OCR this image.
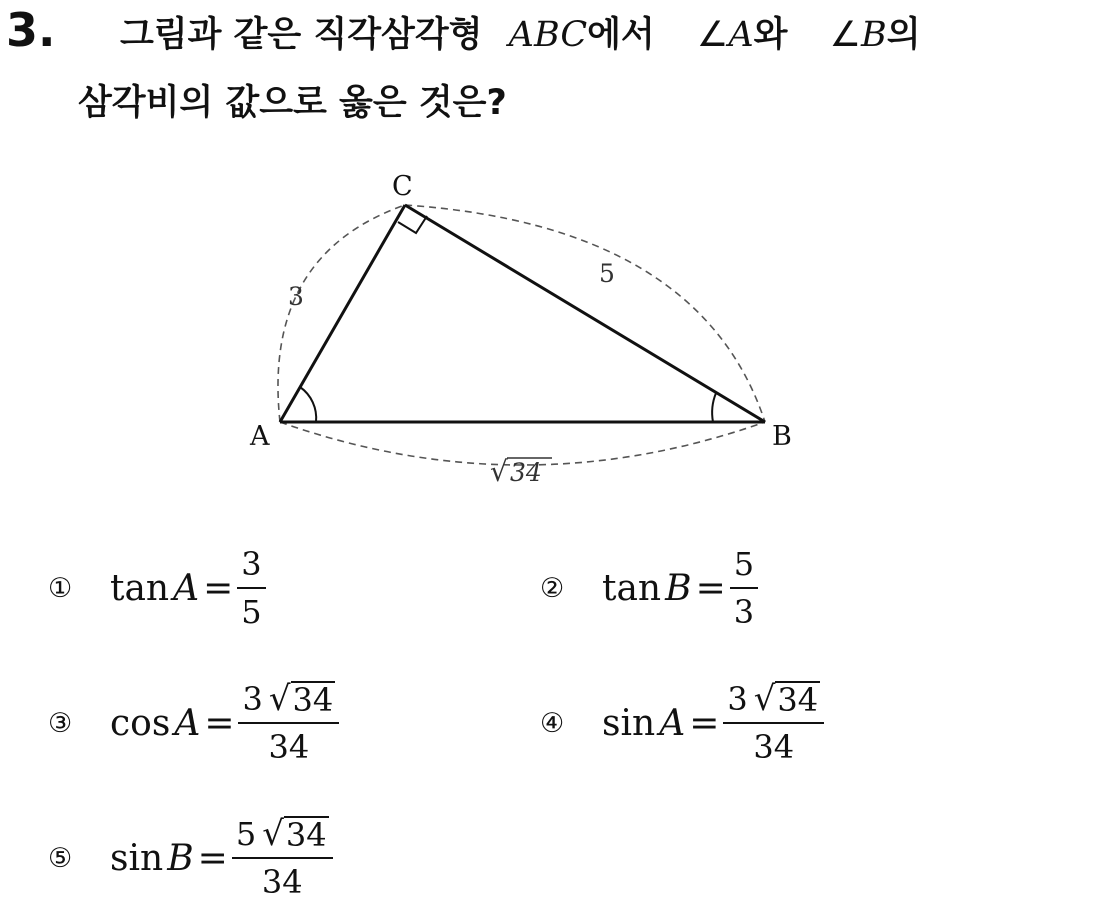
3. 그림과 같은 직각삼각형 ABC에서 ∠A와 ∠B의
삼각비의 값으로 옳은 것은?
C
A	B
3
5
√ 34
①	$\tan A = \frac{3}{5}$	②	$\tan B = \frac{5}{3}$
③	$\cos A = \frac{3 √ 34}{34}$	④	$\sin A = \frac{3 √ 34}{34}$
⑤	$\sin B = \frac{5 √ 34}{34}$
